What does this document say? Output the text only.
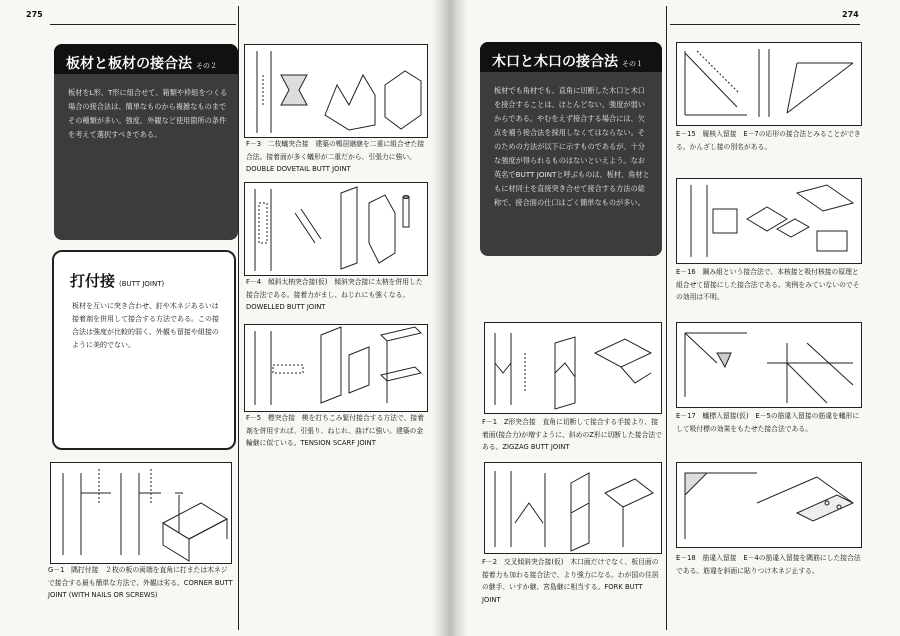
275
板材と板材の接合法 その２
板材をL形、T形に組合せて、箱類や枠組をつくる場合の接合法は、簡単なものから複雑なものまでその種類が多い。強度、外観など使用箇所の条件を考えて選択すべきである。
打付接 (BUTT JOINT)
板材を互いに突き合わせ、釘や木ネジあるいは接着剤を併用して接合する方法である。この接合法は強度が比較的弱く、外観も留接や組接のように美的でない。
G－1　隅打付接　２枚の板の両端を直角に打または木ネジで接合する最も簡単な方法で、外観は劣る。CORNER BUTT JOINT (WITH NAILS OR SCREWS)
F－3　二枚蟻突合接　建築の鴨居継継を二重に組合せた接合法。接着面が多く蟻形が二重だから、引張力に強い。DOUBLE DOVETAIL BUTT JOINT
F－4　傾斜太枘突合接(仮)　傾斜突合接に太枘を併用した接合法である。接着力がまし、ねじれにも強くなる。DOWELLED BUTT JOINT
F－5　標突合接　楔を打ちこみ緊付接合する方法で、接着剤を併用すれば、引張り、ねじれ、曲げに強い。建築の金輪継に似ている。TENSION SCARF JOINT
274
木口と木口の接合法 その１
板材でも角材でも、直角に切断した木口と木口を接合することは、ほとんどない。強度が弱いからである。やむをえず接合する場合には、欠点を補う接合法を採用しなくてはならない。そのための方法が以下に示すものであるが、十分な強度が得られるものはないといえよう。なお英名でBUTT JOINTと呼ぶものは、板材、角材ともに材同士を直接突き合せて接合する方法の総称で、接合面の仕口はごく簡単なものが多い。
E－15　履核入留接　E－7の応形の接合法とみることができる。かんざし接の別名がある。
E－16　鋼み組という接合法で、本核接と吸付核接の原理と組合せて留接にした接合法である。実例をみていないのでその効用は不明。
E－17　蟻標入留接(仮)　E－5の筋違入留接の筋違を蟻形にして吸付標の効果をもたせた接合法である。
E－18　筋違入留接　E－4の筋違入留接を隅筋にした接合法である。筋違を斜面に貼りつけ木ネジ止する。
F－1　Z形突合接　直角に切断して接合する手接より、接着面(接合力)が増すように、斜めのZ形に切断した接合法である。ZIGZAG BUTT JOINT
F－2　交叉傾斜突合接(仮)　木口面だけでなく、板目面の接着力も加わる接合法で、より強力になる。わが国の住居の継手、いすか継、宮島継に相当する。FORK BUTT JOINT
